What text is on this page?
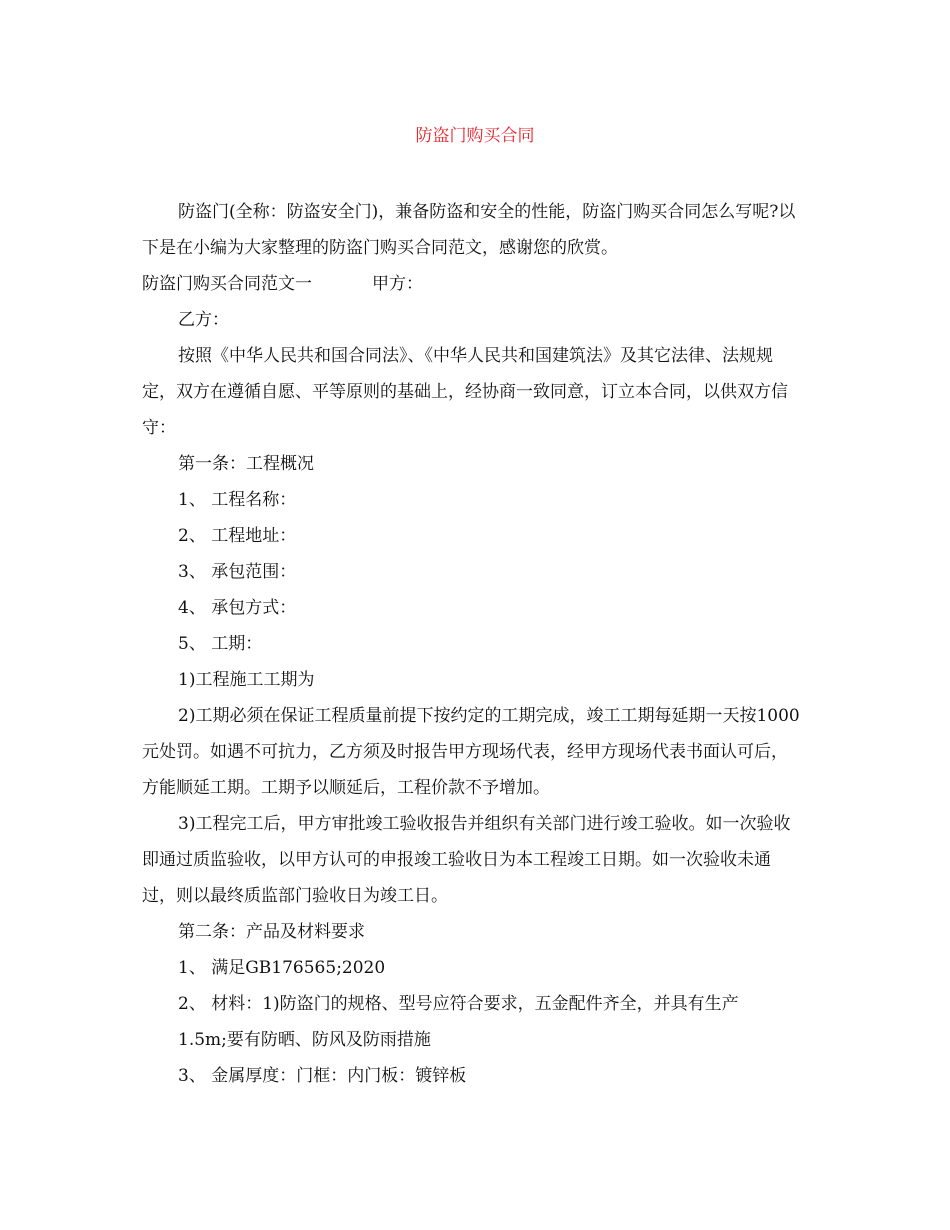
防盗门购买合同

防盗门(全称：防盗安全门)，兼备防盗和安全的性能，防盗门购买合同怎么写呢?以下是在小编为大家整理的防盗门购买合同范文，感谢您的欣赏。

防盗门购买合同范文一	甲方：

乙方：

按照《中华人民共和国合同法》、《中华人民共和国建筑法》及其它法律、法规规定，双方在遵循自愿、平等原则的基础上，经协商一致同意，订立本合同，以供双方信守：

第一条：工程概况

1、 工程名称：

2、 工程地址：

3、 承包范围：

4、 承包方式：

5、 工期：

1)工程施工工期为

2)工期必须在保证工程质量前提下按约定的工期完成，竣工工期每延期一天按1000元处罚。如遇不可抗力，乙方须及时报告甲方现场代表，经甲方现场代表书面认可后，方能顺延工期。工期予以顺延后，工程价款不予增加。

3)工程完工后，甲方审批竣工验收报告并组织有关部门进行竣工验收。如一次验收即通过质监验收，以甲方认可的申报竣工验收日为本工程竣工日期。如一次验收未通过，则以最终质监部门验收日为竣工日。

第二条：产品及材料要求

1、 满足GB176565;2020

2、 材料：1)防盗门的规格、型号应符合要求，五金配件齐全，并具有生产

1.5m;要有防晒、防风及防雨措施

3、 金属厚度：门框：内门板：镀锌板
